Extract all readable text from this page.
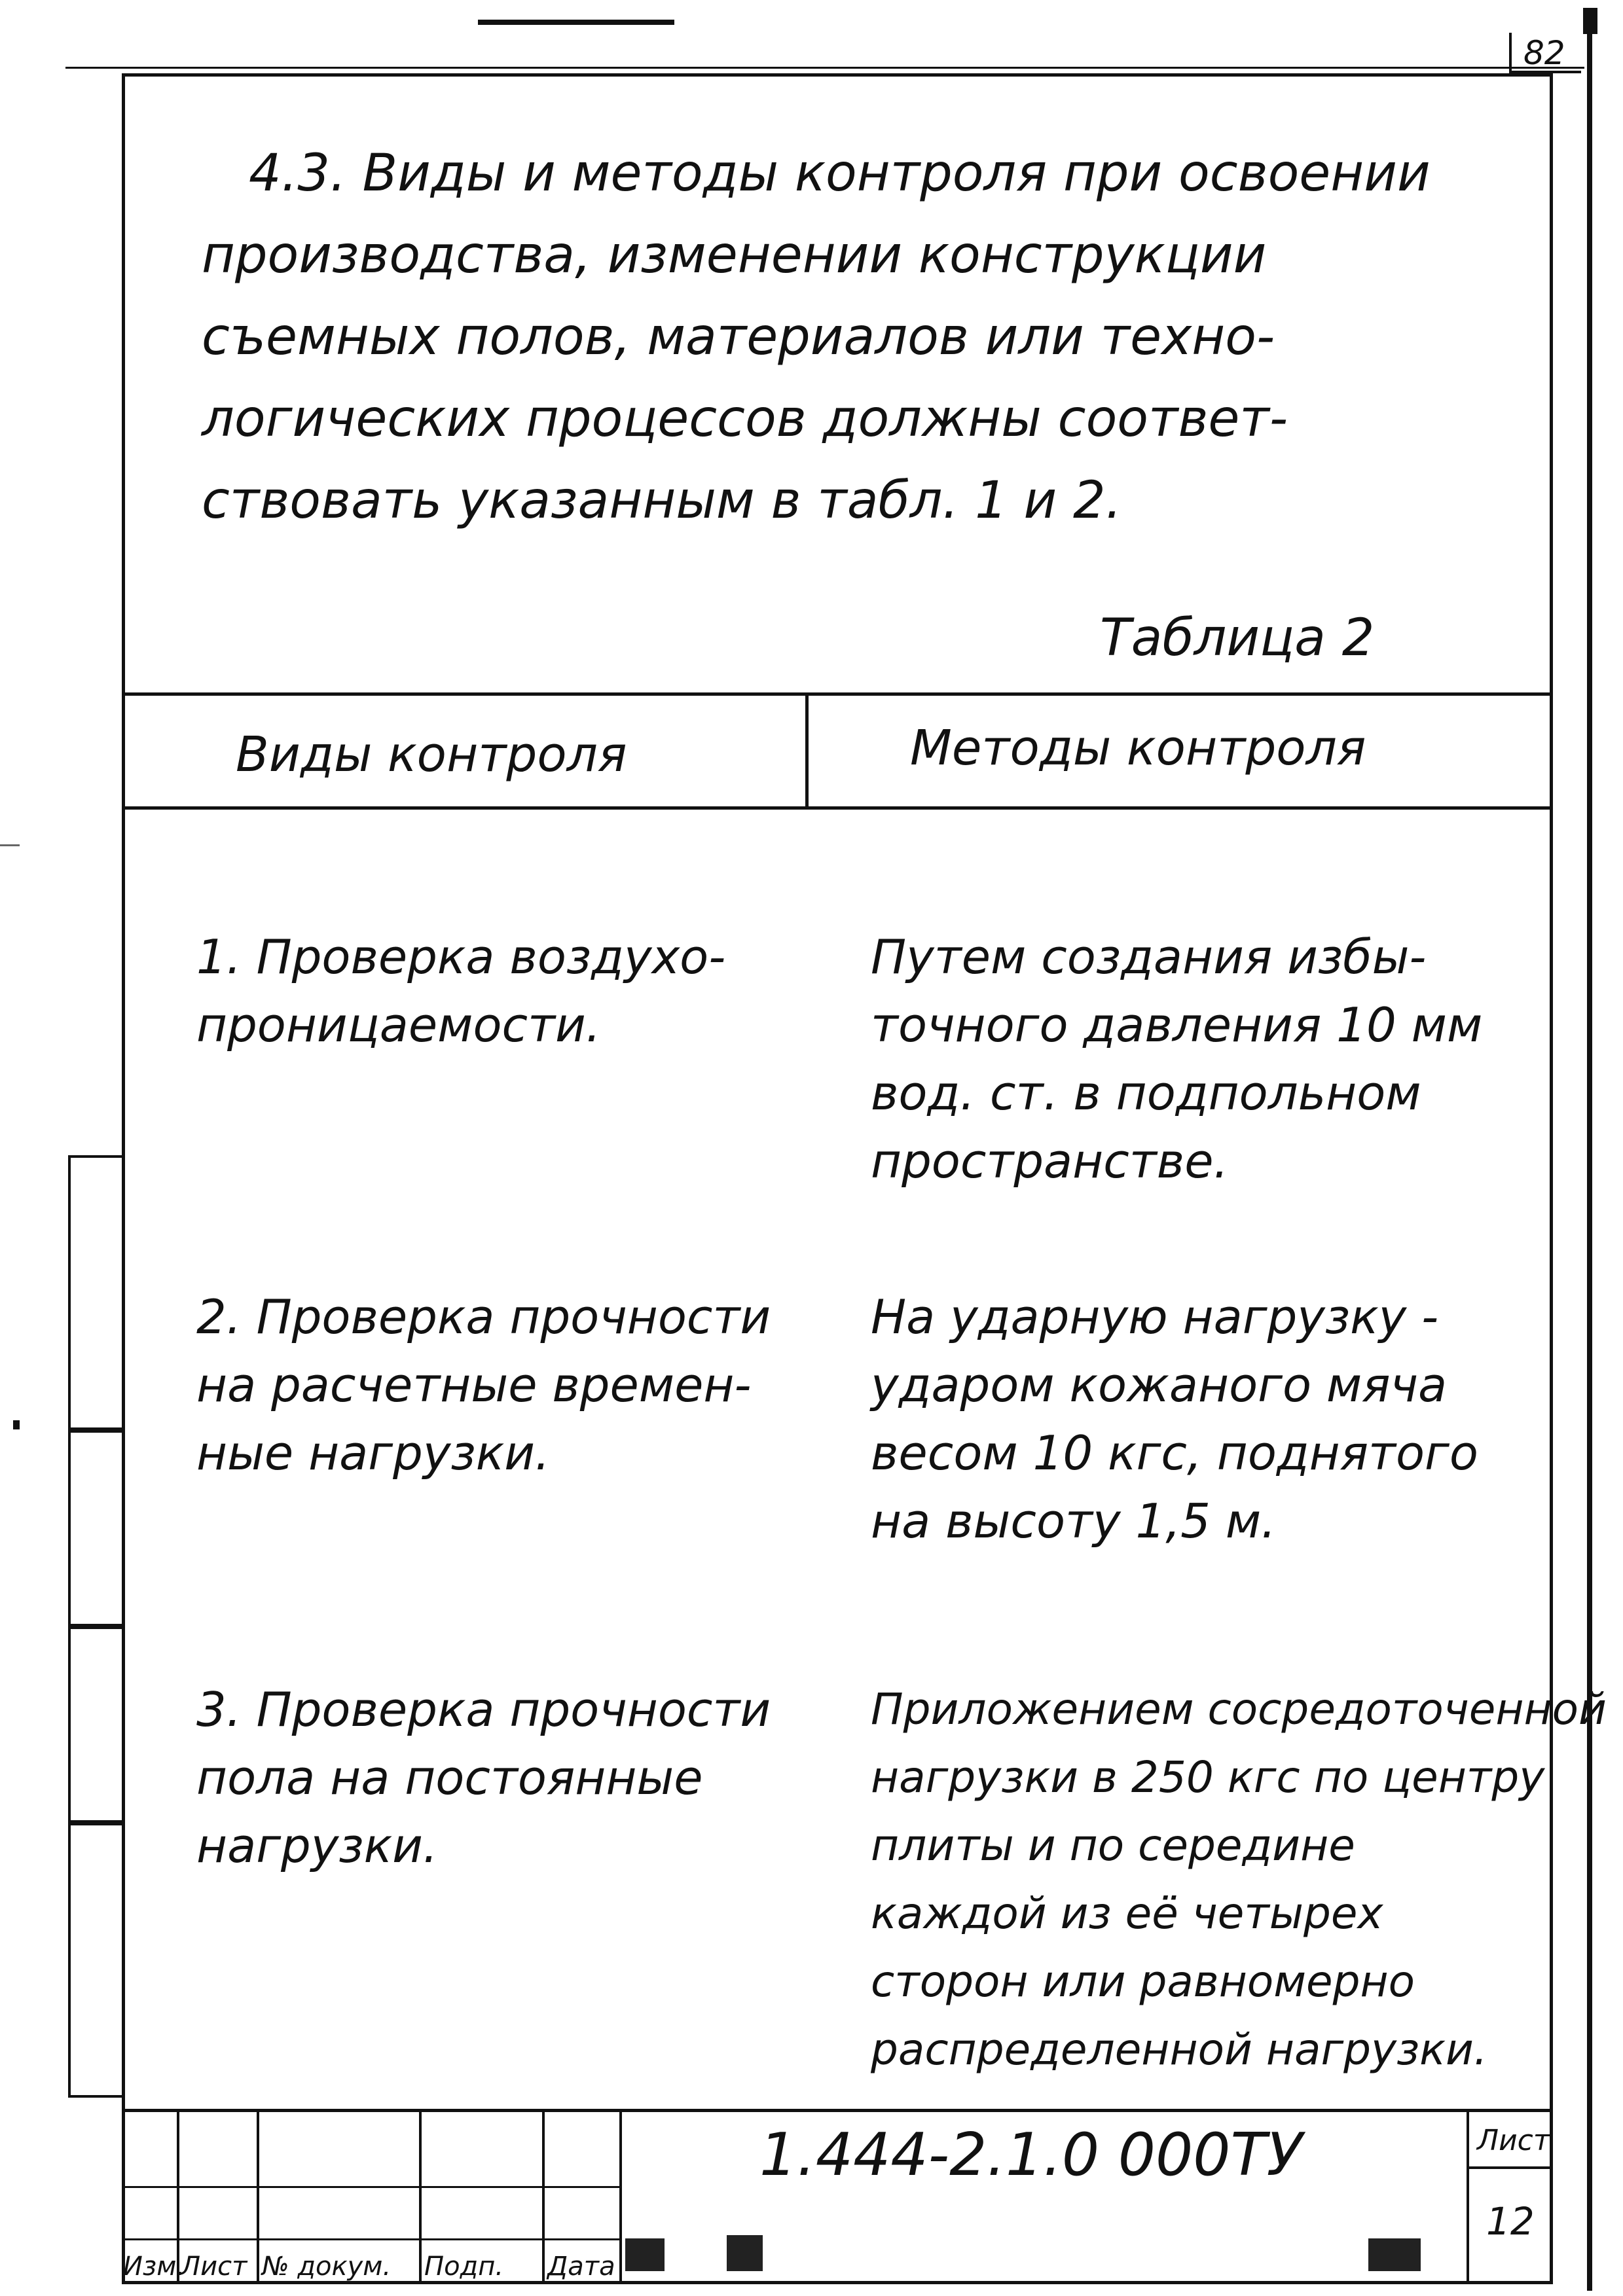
82
4.3. Виды и методы контроля при освоении
производства, изменении конструкции
съемных полов, материалов или техно-
логических процессов должны соответ-
ствовать указанным в табл. 1 и 2.
Таблица 2
Виды контроля	Методы контроля
1. Проверка воздухо-
проницаемости.
Путем создания избы-
точного давления 10 мм
вод. ст. в подпольном
пространстве.
2. Проверка прочности
на расчетные времен-
ные нагрузки.
На ударную нагрузку -
ударом кожаного мяча
весом 10 кгс, поднятого
на высоту 1,5 м.
3. Проверка прочности
пола на постоянные
нагрузки.
Приложением сосредоточенной
нагрузки в 250 кгс по центру
плиты и по середине
каждой из её четырех
сторон или равномерно
распределенной нагрузки.
1.444-2.1.0 000ТУ	Лист
12
Изм.
Лист № докум. Подп. Дата
